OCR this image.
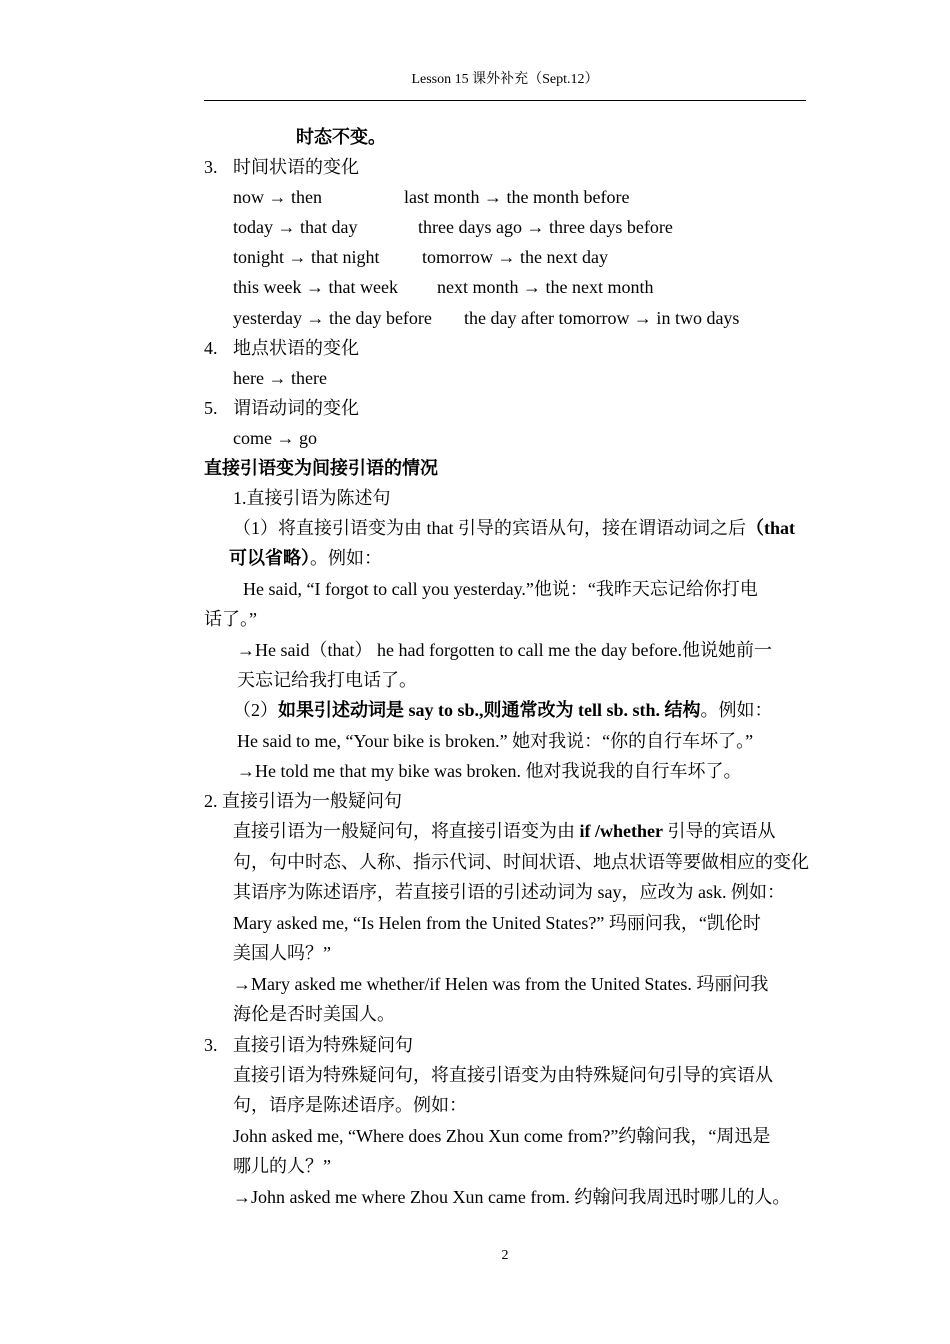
Lesson 15 课外补充（Sept.12）
时态不变。
3. 时间状语的变化
now → then	last month → the month before
today → that day	three days ago → three days before
tonight → that night tomorrow → the next day
this week → that week next month → the next month
yesterday → the day before the day after tomorrow → in two days
4. 地点状语的变化
here → there
5. 谓语动词的变化
come → go
直接引语变为间接引语的情况
1.直接引语为陈述句
（1）将直接引语变为由 that 引导的宾语从句，接在谓语动词之后（that
可以省略）。例如：
He said, “I forgot to call you yesterday.”他说：“我昨天忘记给你打电
话了。”
→He said（that） he had forgotten to call me the day before.他说她前一
天忘记给我打电话了。
（2）如果引述动词是 say to sb.,则通常改为 tell sb. sth. 结构。例如：
He said to me, “Your bike is broken.” 她对我说：“你的自行车坏了。”
→He told me that my bike was broken. 他对我说我的自行车坏了。
2. 直接引语为一般疑问句
直接引语为一般疑问句，将直接引语变为由 if /whether 引导的宾语从
句，句中时态、人称、指示代词、时间状语、地点状语等要做相应的变化
其语序为陈述语序，若直接引语的引述动词为 say，应改为 ask. 例如：
Mary asked me, “Is Helen from the United States?” 玛丽问我，“凯伦时
美国人吗？”
→Mary asked me whether/if Helen was from the United States. 玛丽问我
海伦是否时美国人。
3. 直接引语为特殊疑问句
直接引语为特殊疑问句，将直接引语变为由特殊疑问句引导的宾语从
句，语序是陈述语序。例如：
John asked me, “Where does Zhou Xun come from?”约翰问我，“周迅是
哪儿的人？”
→John asked me where Zhou Xun came from. 约翰问我周迅时哪儿的人。
2
